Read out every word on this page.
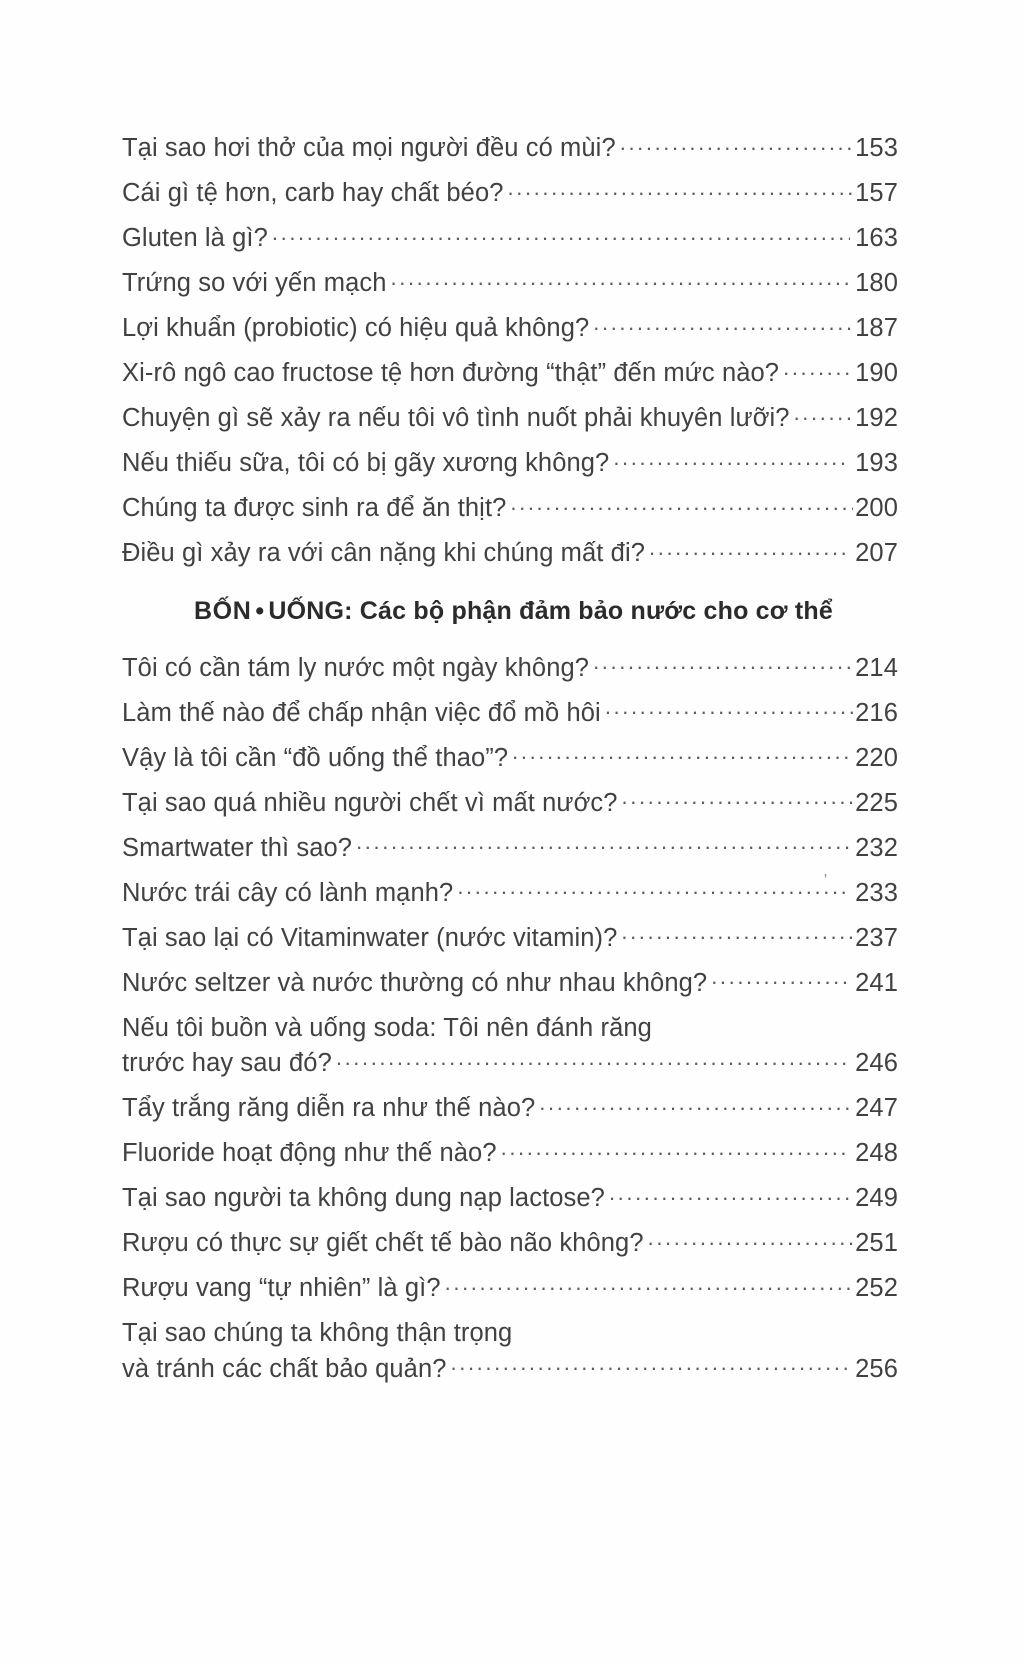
Tại sao hơi thở của mọi người đều có mùi? .....	153
Cái gì tệ hơn, carb hay chất béo? .....	157
Gluten là gì? .....	163
Trứng so với yến mạch .....	180
Lợi khuẩn (probiotic) có hiệu quả không? .....	187
Xi-rô ngô cao fructose tệ hơn đường “thật” đến mức nào? .....	190
Chuyện gì sẽ xảy ra nếu tôi vô tình nuốt phải khuyên lưỡi? .....	192
Nếu thiếu sữa, tôi có bị gãy xương không? .....	193
Chúng ta được sinh ra để ăn thịt? .....	200
Điều gì xảy ra với cân nặng khi chúng mất đi? .....	207
BỐN • UỐNG: Các bộ phận đảm bảo nước cho cơ thể
Tôi có cần tám ly nước một ngày không? .....	214
Làm thế nào để chấp nhận việc đổ mồ hôi .....	216
Vậy là tôi cần “đồ uống thể thao”? .....	220
Tại sao quá nhiều người chết vì mất nước? .....	225
Smartwater thì sao? .....	232
Nước trái cây có lành mạnh? .....	233
Tại sao lại có Vitaminwater (nước vitamin)? .....	237
Nước seltzer và nước thường có như nhau không? .....	241
Nếu tôi buồn và uống soda: Tôi nên đánh răng
trước hay sau đó? .....	246
Tẩy trắng răng diễn ra như thế nào? .....	247
Fluoride hoạt động như thế nào? .....	248
Tại sao người ta không dung nạp lactose? .....	249
Rượu có thực sự giết chết tế bào não không? .....	251
Rượu vang “tự nhiên” là gì? .....	252
Tại sao chúng ta không thận trọng
và tránh các chất bảo quản? .....	256
'
